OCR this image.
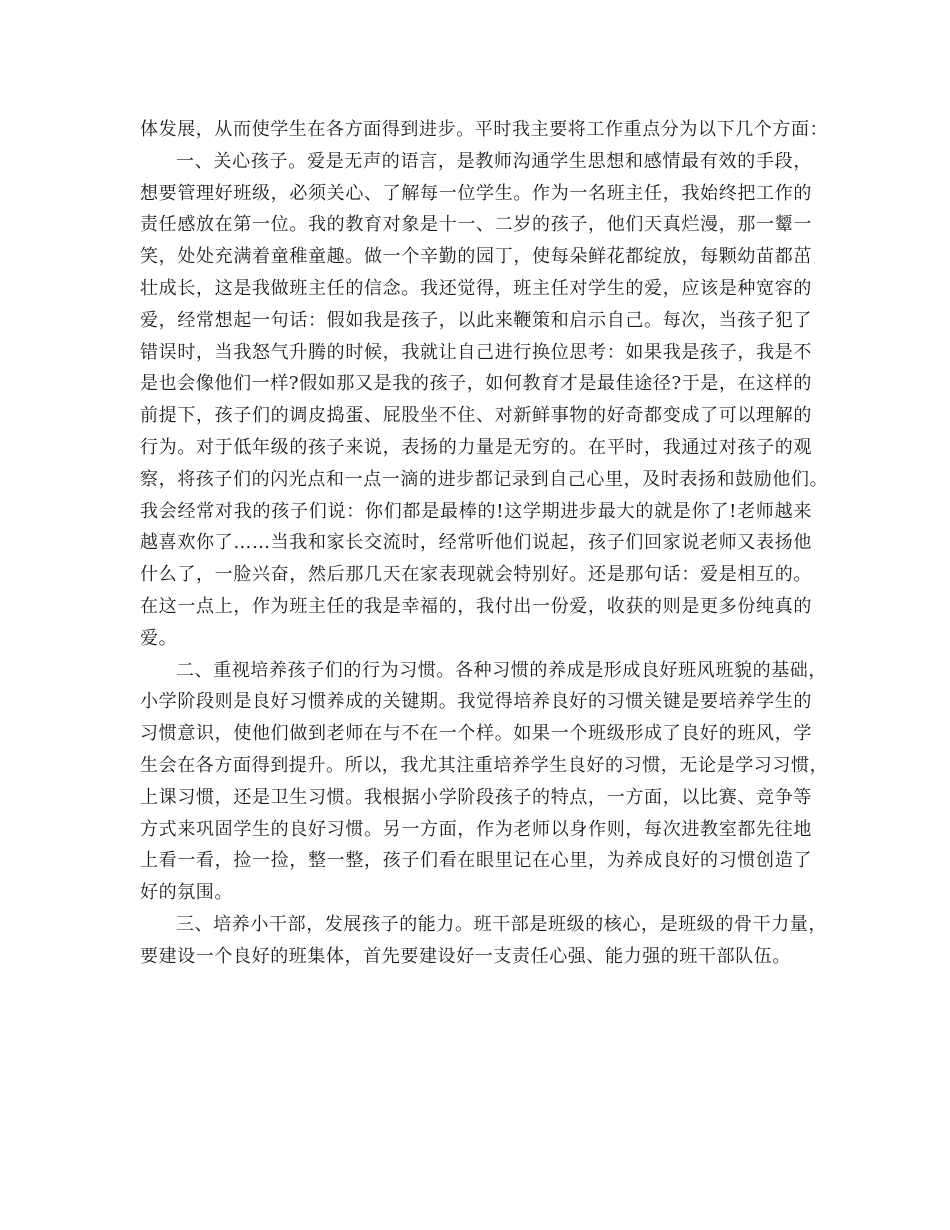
体发展，从而使学生在各方面得到进步。平时我主要将工作重点分为以下几个方面：
一、关心孩子。爱是无声的语言，是教师沟通学生思想和感情最有效的手段，
想要管理好班级，必须关心、了解每一位学生。作为一名班主任，我始终把工作的
责任感放在第一位。我的教育对象是十一、二岁的孩子，他们天真烂漫，那一颦一
笑，处处充满着童稚童趣。做一个辛勤的园丁，使每朵鲜花都绽放，每颗幼苗都茁
壮成长，这是我做班主任的信念。我还觉得，班主任对学生的爱，应该是种宽容的
爱，经常想起一句话：假如我是孩子，以此来鞭策和启示自己。每次，当孩子犯了
错误时，当我怒气升腾的时候，我就让自己进行换位思考：如果我是孩子，我是不
是也会像他们一样?假如那又是我的孩子，如何教育才是最佳途径?于是，在这样的
前提下，孩子们的调皮捣蛋、屁股坐不住、对新鲜事物的好奇都变成了可以理解的
行为。对于低年级的孩子来说，表扬的力量是无穷的。在平时，我通过对孩子的观
察，将孩子们的闪光点和一点一滴的进步都记录到自己心里，及时表扬和鼓励他们。
我会经常对我的孩子们说：你们都是最棒的!这学期进步最大的就是你了!老师越来
越喜欢你了……当我和家长交流时，经常听他们说起，孩子们回家说老师又表扬他
什么了，一脸兴奋，然后那几天在家表现就会特别好。还是那句话：爱是相互的。
在这一点上，作为班主任的我是幸福的，我付出一份爱，收获的则是更多份纯真的
爱。
二、重视培养孩子们的行为习惯。各种习惯的养成是形成良好班风班貌的基础，
小学阶段则是良好习惯养成的关键期。我觉得培养良好的习惯关键是要培养学生的
习惯意识，使他们做到老师在与不在一个样。如果一个班级形成了良好的班风，学
生会在各方面得到提升。所以，我尤其注重培养学生良好的习惯，无论是学习习惯，
上课习惯，还是卫生习惯。我根据小学阶段孩子的特点，一方面，以比赛、竞争等
方式来巩固学生的良好习惯。另一方面，作为老师以身作则，每次进教室都先往地
上看一看，捡一捡，整一整，孩子们看在眼里记在心里，为养成良好的习惯创造了
好的氛围。
三、培养小干部，发展孩子的能力。班干部是班级的核心，是班级的骨干力量，
要建设一个良好的班集体，首先要建设好一支责任心强、能力强的班干部队伍。
